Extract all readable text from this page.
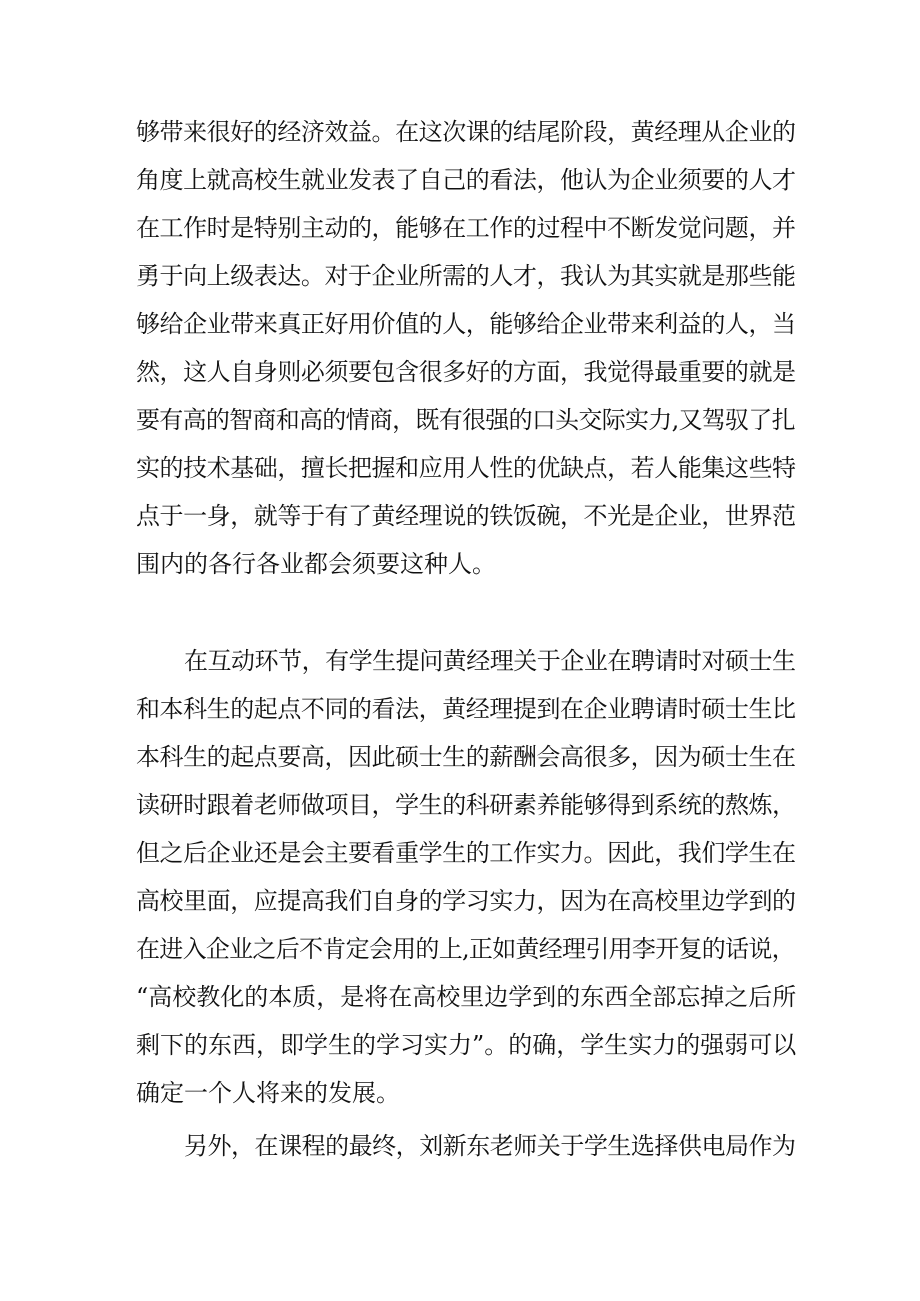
够带来很好的经济效益。在这次课的结尾阶段，黄经理从企业的
角度上就高校生就业发表了自己的看法，他认为企业须要的人才
在工作时是特别主动的，能够在工作的过程中不断发觉问题，并
勇于向上级表达。对于企业所需的人才，我认为其实就是那些能
够给企业带来真正好用价值的人，能够给企业带来利益的人，当
然，这人自身则必须要包含很多好的方面，我觉得最重要的就是
要有高的智商和高的情商，既有很强的口头交际实力,又驾驭了扎
实的技术基础，擅长把握和应用人性的优缺点，若人能集这些特
点于一身，就等于有了黄经理说的铁饭碗，不光是企业，世界范
围内的各行各业都会须要这种人。
在互动环节，有学生提问黄经理关于企业在聘请时对硕士生
和本科生的起点不同的看法，黄经理提到在企业聘请时硕士生比
本科生的起点要高，因此硕士生的薪酬会高很多，因为硕士生在
读研时跟着老师做项目，学生的科研素养能够得到系统的熬炼，
但之后企业还是会主要看重学生的工作实力。因此，我们学生在
高校里面，应提高我们自身的学习实力，因为在高校里边学到的
在进入企业之后不肯定会用的上,正如黄经理引用李开复的话说，
“高校教化的本质，是将在高校里边学到的东西全部忘掉之后所
剩下的东西，即学生的学习实力”。的确，学生实力的强弱可以
确定一个人将来的发展。
另外，在课程的最终，刘新东老师关于学生选择供电局作为
